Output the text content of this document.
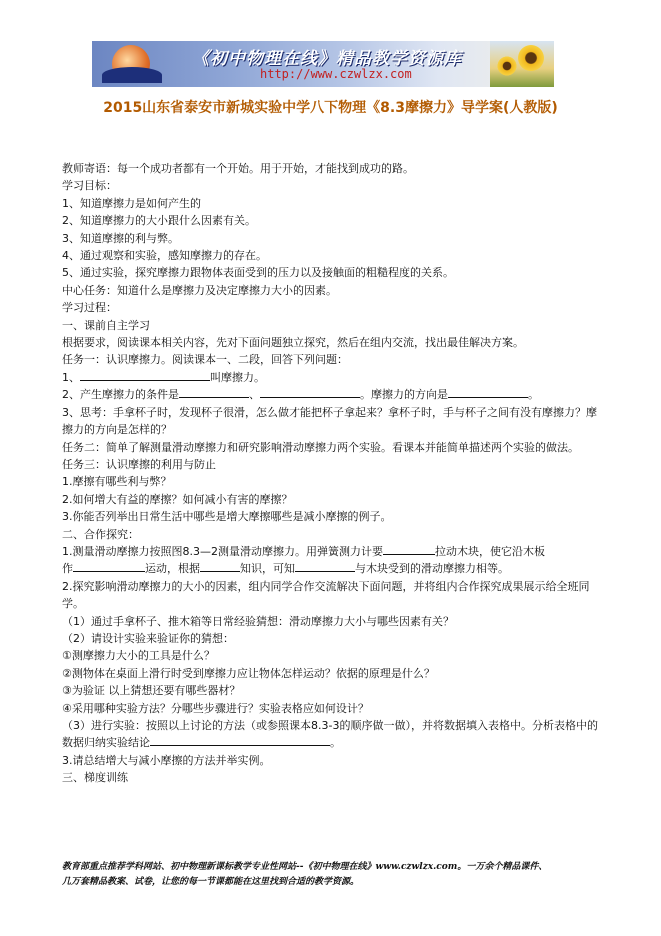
《初中物理在线》精品教学资源库
http://www.czwlzx.com
2015山东省泰安市新城实验中学八下物理《8.3摩擦力》导学案(人教版)

教师寄语：每一个成功者都有一个开始。用于开始，才能找到成功的路。

学习目标：

1、知道摩擦力是如何产生的

2、知道摩擦力的大小跟什么因素有关。

3、知道摩擦的利与弊。

4、通过观察和实验，感知摩擦力的存在。

5、通过实验，探究摩擦力跟物体表面受到的压力以及接触面的粗糙程度的关系。

中心任务：知道什么是摩擦力及决定摩擦力大小的因素。

学习过程：

一、课前自主学习

根据要求，阅读课本相关内容，先对下面问题独立探究，然后在组内交流，找出最佳解决方案。

任务一：认识摩擦力。阅读课本一、二段，回答下列问题：

1、	叫摩擦力。

2、产生摩擦力的条件是	、	。摩擦力的方向是	。

3、思考：手拿杯子时，发现杯子很滑，怎么做才能把杯子拿起来？拿杯子时，手与杯子之间有没有摩擦力？摩擦力的方向是怎样的？

任务二：简单了解测量滑动摩擦力和研究影响滑动摩擦力两个实验。看课本并能简单描述两个实验的做法。

任务三：认识摩擦的利用与防止

1.摩擦有哪些利与弊？

2.如何增大有益的摩擦？如何减小有害的摩擦？

3.你能否列举出日常生活中哪些是增大摩擦哪些是减小摩擦的例子。

二、合作探究：

1.测量滑动摩擦力按照图8.3—2测量滑动摩擦力。用弹簧测力计要	拉动木块，使它沿木板

作	运动，根据	知识，可知	与木块受到的滑动摩擦力相等。

2.探究影响滑动摩擦力的大小的因素，组内同学合作交流解决下面问题，并将组内合作探究成果展示给全班同学。

（1）通过手拿杯子、推木箱等日常经验猜想：滑动摩擦力大小与哪些因素有关？

（2）请设计实验来验证你的猜想：

①测摩擦力大小的工具是什么？

②测物体在桌面上滑行时受到摩擦力应让物体怎样运动？依据的原理是什么？

③为验证 以上猜想还要有哪些器材？

④采用哪种实验方法？分哪些步骤进行？实验表格应如何设计？

（3）进行实验：按照以上讨论的方法（或参照课本8.3-3的顺序做一做），并将数据填入表格中。分析表格中的数据归纳实验结论	。

3.请总结增大与减小摩擦的方法并举实例。

三、梯度训练

教育部重点推荐学科网站、初中物理新课标教学专业性网站--《初中物理在线》www.czwlzx.com。一万余个精品课件、

几万套精品教案、试卷，让您的每一节课都能在这里找到合适的教学资源。
